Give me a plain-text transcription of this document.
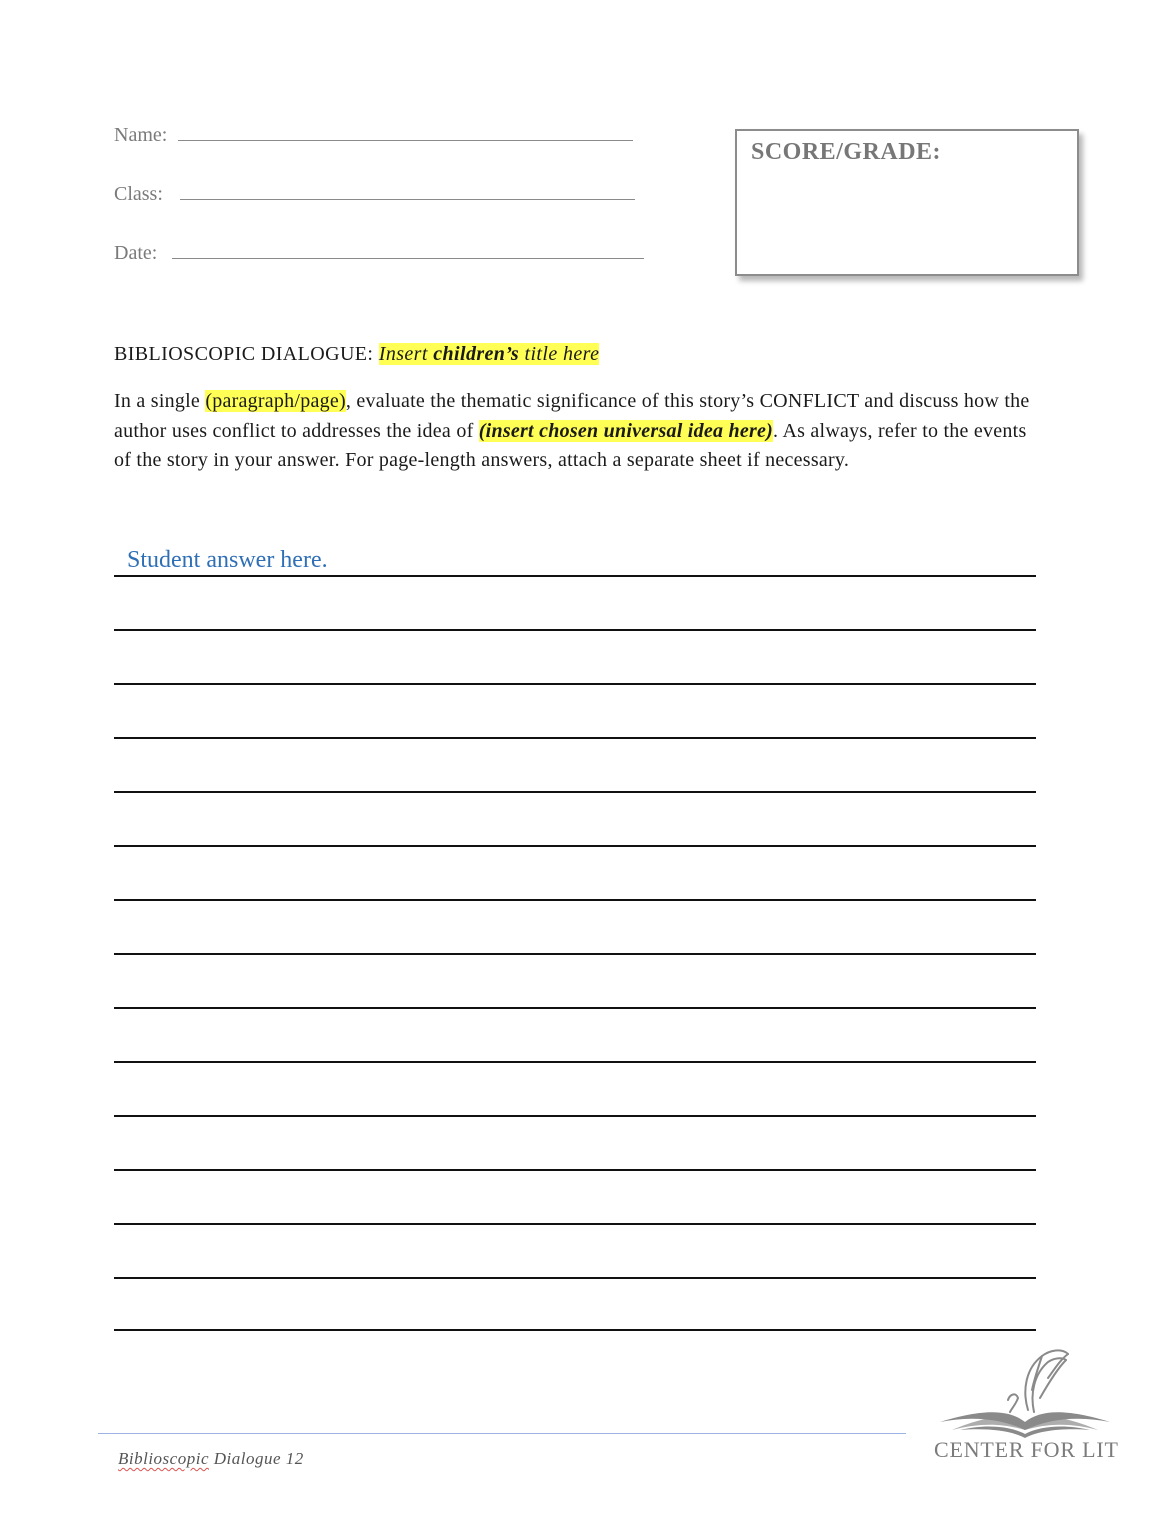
Name:
Class:
Date:
SCORE/GRADE:
BIBLIOSCOPIC DIALOGUE: Insert children’s title here
In a single (paragraph/page), evaluate the thematic significance of this story’s CONFLICT and discuss how the author uses conflict to addresses the idea of (insert chosen universal idea here). As always, refer to the events of the story in your answer. For page-length answers, attach a separate sheet if necessary.
Student answer here.
Biblioscopic Dialogue 12	CENTER FOR LIT
